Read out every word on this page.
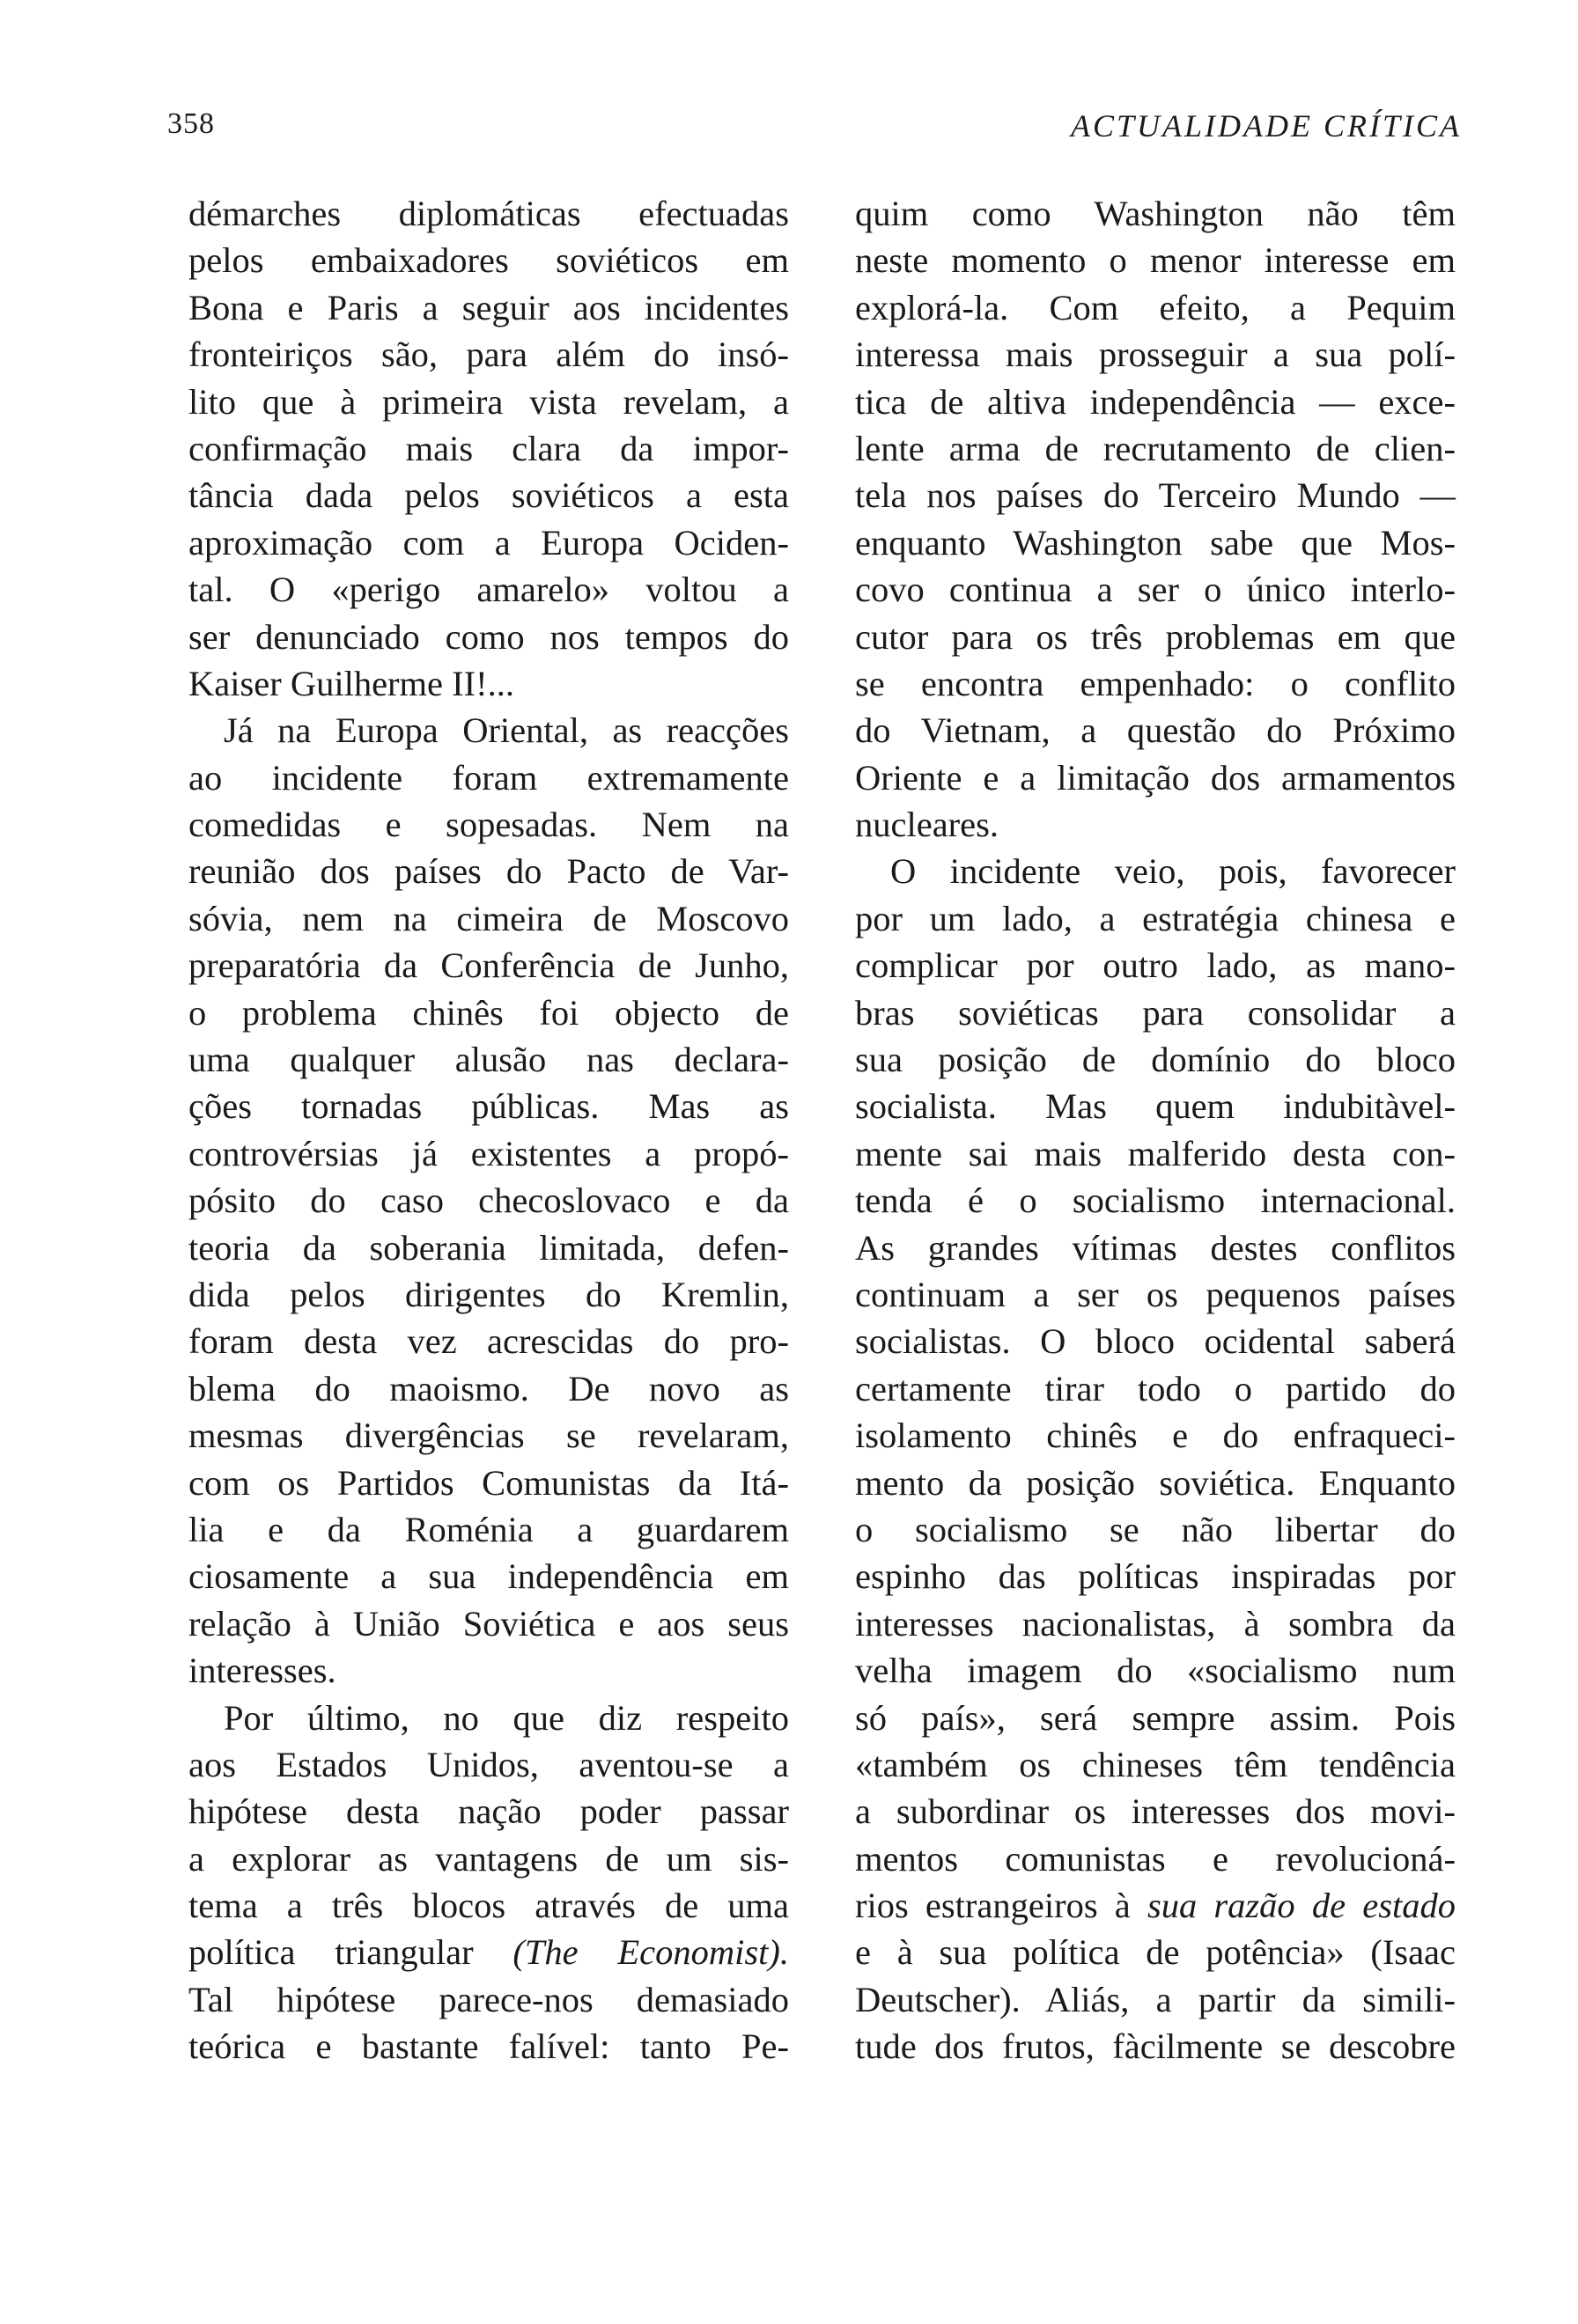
358	ACTUALIDADE CRÍTICA
démarches diplomáticas efectuadas
pelos embaixadores soviéticos em
Bona e Paris a seguir aos incidentes
fronteiriços são, para além do insó-
lito que à primeira vista revelam, a
confirmação mais clara da impor-
tância dada pelos soviéticos a esta
aproximação com a Europa Ociden-
tal. O «perigo amarelo» voltou a
ser denunciado como nos tempos do
Kaiser Guilherme II!...
Já na Europa Oriental, as reacções
ao incidente foram extremamente
comedidas e sopesadas. Nem na
reunião dos países do Pacto de Var-
sóvia, nem na cimeira de Moscovo
preparatória da Conferência de Junho,
o problema chinês foi objecto de
uma qualquer alusão nas declara-
ções tornadas públicas. Mas as
controvérsias já existentes a propó-
pósito do caso checoslovaco e da
teoria da soberania limitada, defen-
dida pelos dirigentes do Kremlin,
foram desta vez acrescidas do pro-
blema do maoismo. De novo as
mesmas divergências se revelaram,
com os Partidos Comunistas da Itá-
lia e da Roménia a guardarem
ciosamente a sua independência em
relação à União Soviética e aos seus
interesses.
Por último, no que diz respeito
aos Estados Unidos, aventou-se a
hipótese desta nação poder passar
a explorar as vantagens de um sis-
tema a três blocos através de uma
política triangular (The Economist).
Tal hipótese parece-nos demasiado
teórica e bastante falível: tanto Pe-
quim como Washington não têm
neste momento o menor interesse em
explorá-la. Com efeito, a Pequim
interessa mais prosseguir a sua polí-
tica de altiva independência — exce-
lente arma de recrutamento de clien-
tela nos países do Terceiro Mundo —
enquanto Washington sabe que Mos-
covo continua a ser o único interlo-
cutor para os três problemas em que
se encontra empenhado: o conflito
do Vietnam, a questão do Próximo
Oriente e a limitação dos armamentos
nucleares.
O incidente veio, pois, favorecer
por um lado, a estratégia chinesa e
complicar por outro lado, as mano-
bras soviéticas para consolidar a
sua posição de domínio do bloco
socialista. Mas quem indubitàvel-
mente sai mais malferido desta con-
tenda é o socialismo internacional.
As grandes vítimas destes conflitos
continuam a ser os pequenos países
socialistas. O bloco ocidental saberá
certamente tirar todo o partido do
isolamento chinês e do enfraqueci-
mento da posição soviética. Enquanto
o socialismo se não libertar do
espinho das políticas inspiradas por
interesses nacionalistas, à sombra da
velha imagem do «socialismo num
só país», será sempre assim. Pois
«também os chineses têm tendência
a subordinar os interesses dos movi-
mentos comunistas e revolucioná-
rios estrangeiros à sua razão de estado
e à sua política de potência» (Isaac
Deutscher). Aliás, a partir da simili-
tude dos frutos, fàcilmente se descobre
